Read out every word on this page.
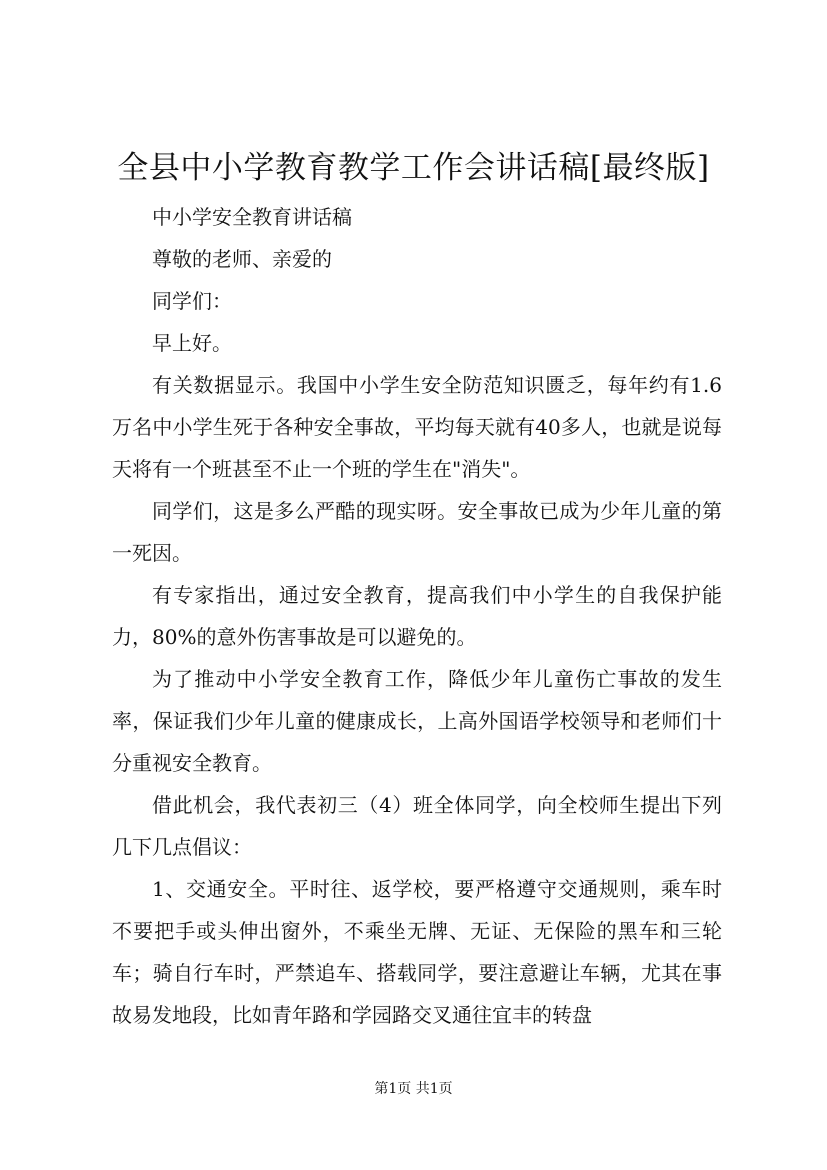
全县中小学教育教学工作会讲话稿[最终版]

中小学安全教育讲话稿

尊敬的老师、亲爱的

同学们：

早上好。

有关数据显示。我国中小学生安全防范知识匮乏，每年约有1.6万名中小学生死于各种安全事故，平均每天就有40多人，也就是说每天将有一个班甚至不止一个班的学生在"消失"。

同学们，这是多么严酷的现实呀。安全事故已成为少年儿童的第一死因。

有专家指出，通过安全教育，提高我们中小学生的自我保护能力，80%的意外伤害事故是可以避免的。

为了推动中小学安全教育工作，降低少年儿童伤亡事故的发生率，保证我们少年儿童的健康成长，上高外国语学校领导和老师们十分重视安全教育。

借此机会，我代表初三（4）班全体同学，向全校师生提出下列几下几点倡议：

1、交通安全。平时往、返学校，要严格遵守交通规则，乘车时不要把手或头伸出窗外，不乘坐无牌、无证、无保险的黑车和三轮车；骑自行车时，严禁追车、搭载同学，要注意避让车辆，尤其在事故易发地段，比如青年路和学园路交叉通往宜丰的转盘

第1页 共1页
